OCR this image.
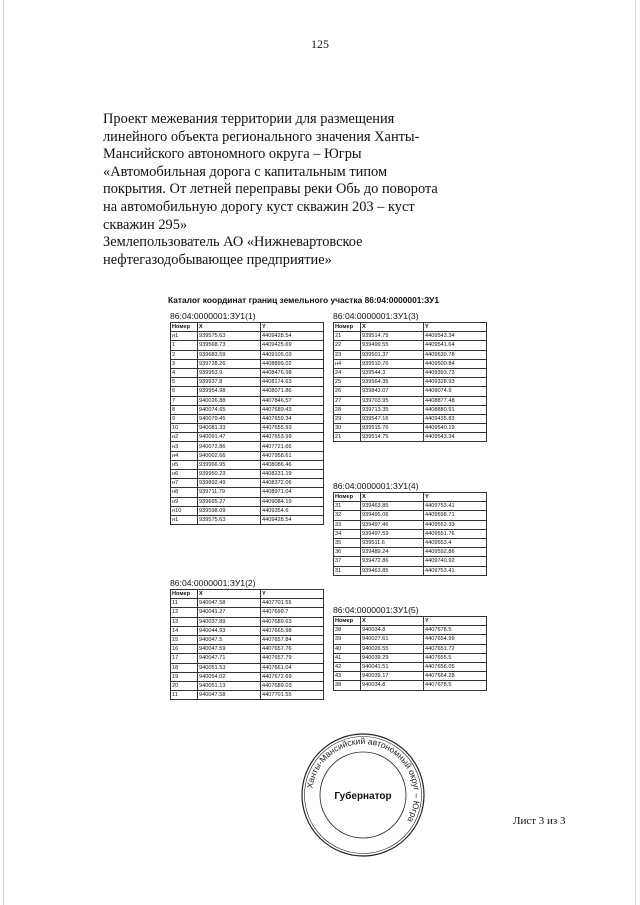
125
Проект межевания территории для размещения
линейного объекта регионального значения Ханты-
Мансийского автономного округа – Югры
«Автомобильная дорога с капитальным типом
покрытия. От летней переправы реки Обь до поворота
на автомобильную дорогу куст скважин 203 – куст
скважин 295»
Землепользователь АО «Нижневартовское
нефтегазодобывающее предприятие»
Каталог координат границ земельного участка 86:04:0000001:ЗУ1
86:04:0000001:ЗУ1(1)
Номер	X	Y
н1	939575.63	4409428.54
1	939568.73	4409425.69
2	939683.59	4409105.03
3	939728.26	4408899.02
4	939953.9	4408476.98
5	939937.8	4408174.63
6	939954.98	4408071.86
7	940026.88	4407846.57
8	940074.65	4407689.43
9	940079.45	4407659.34
10	940081.33	4407655.93
н2	940091.47	4407653.99
н3	940072.86	4407721.66
н4	940002.66	4407958.61
н5	939966.95	4408086.46
н6	939950.23	4408231.19
н7	939892.49	4408372.06
н8	939711.79	4408971.04
н9	939665.27	4409084.19
н10	939598.09	4409354.6
н1	939575.63	4409428.54
86:04:0000001:ЗУ1(2)
Номер	X	Y
11	940047.58	4407701.55
12	940041.27	4407699.7
13	940037.89	4407689.63
14	940044.93	4407665.98
15	940047.5	4407657.84
16	940047.59	4407657.76
17	940047.71	4407657.79
18	940051.53	4407661.04
19	940054.02	4407672.69
20	940051.13	4407689.03
11	940047.58	4407701.55
86:04:0000001:ЗУ1(3)
Номер	X	Y
21	939514.75	4409543.34
22	939499.55	4409541.64
23	939501.37	4409530.78
н4	939510.76	4409500.84
24	939544.3	4409393.73
25	939564.35	4409328.93
26	939843.07	4409074.9
27	939703.95	4408877.48
28	939713.35	4408880.91
29	939547.16	4409435.83
30	939515.76	4409540.19
21	939514.75	4409543.34
86:04:0000001:ЗУ1(4)
Номер	X	Y
31	939463.85	4409753.41
32	939495.06	4409598.71
33	939497.46	4409552.33
34	939497.59	4409551.76
35	939511.6	4409553.4
36	939489.24	4409592.86
37	939472.86	4409740.92
31	939463.85	4409753.41
86:04:0000001:ЗУ1(5)
Номер	X	Y
38	940034.8	4407678.5
39	940027.61	4407654.99
40	940026.55	4407651.72
41	940039.29	4407655.5
42	940041.51	4407656.05
43	940039.17	4407664.28
38	940034.8	4407678.5
Ханты-Мансийский автономный округ – Югра
Губернатор
Лист 3 из 3
